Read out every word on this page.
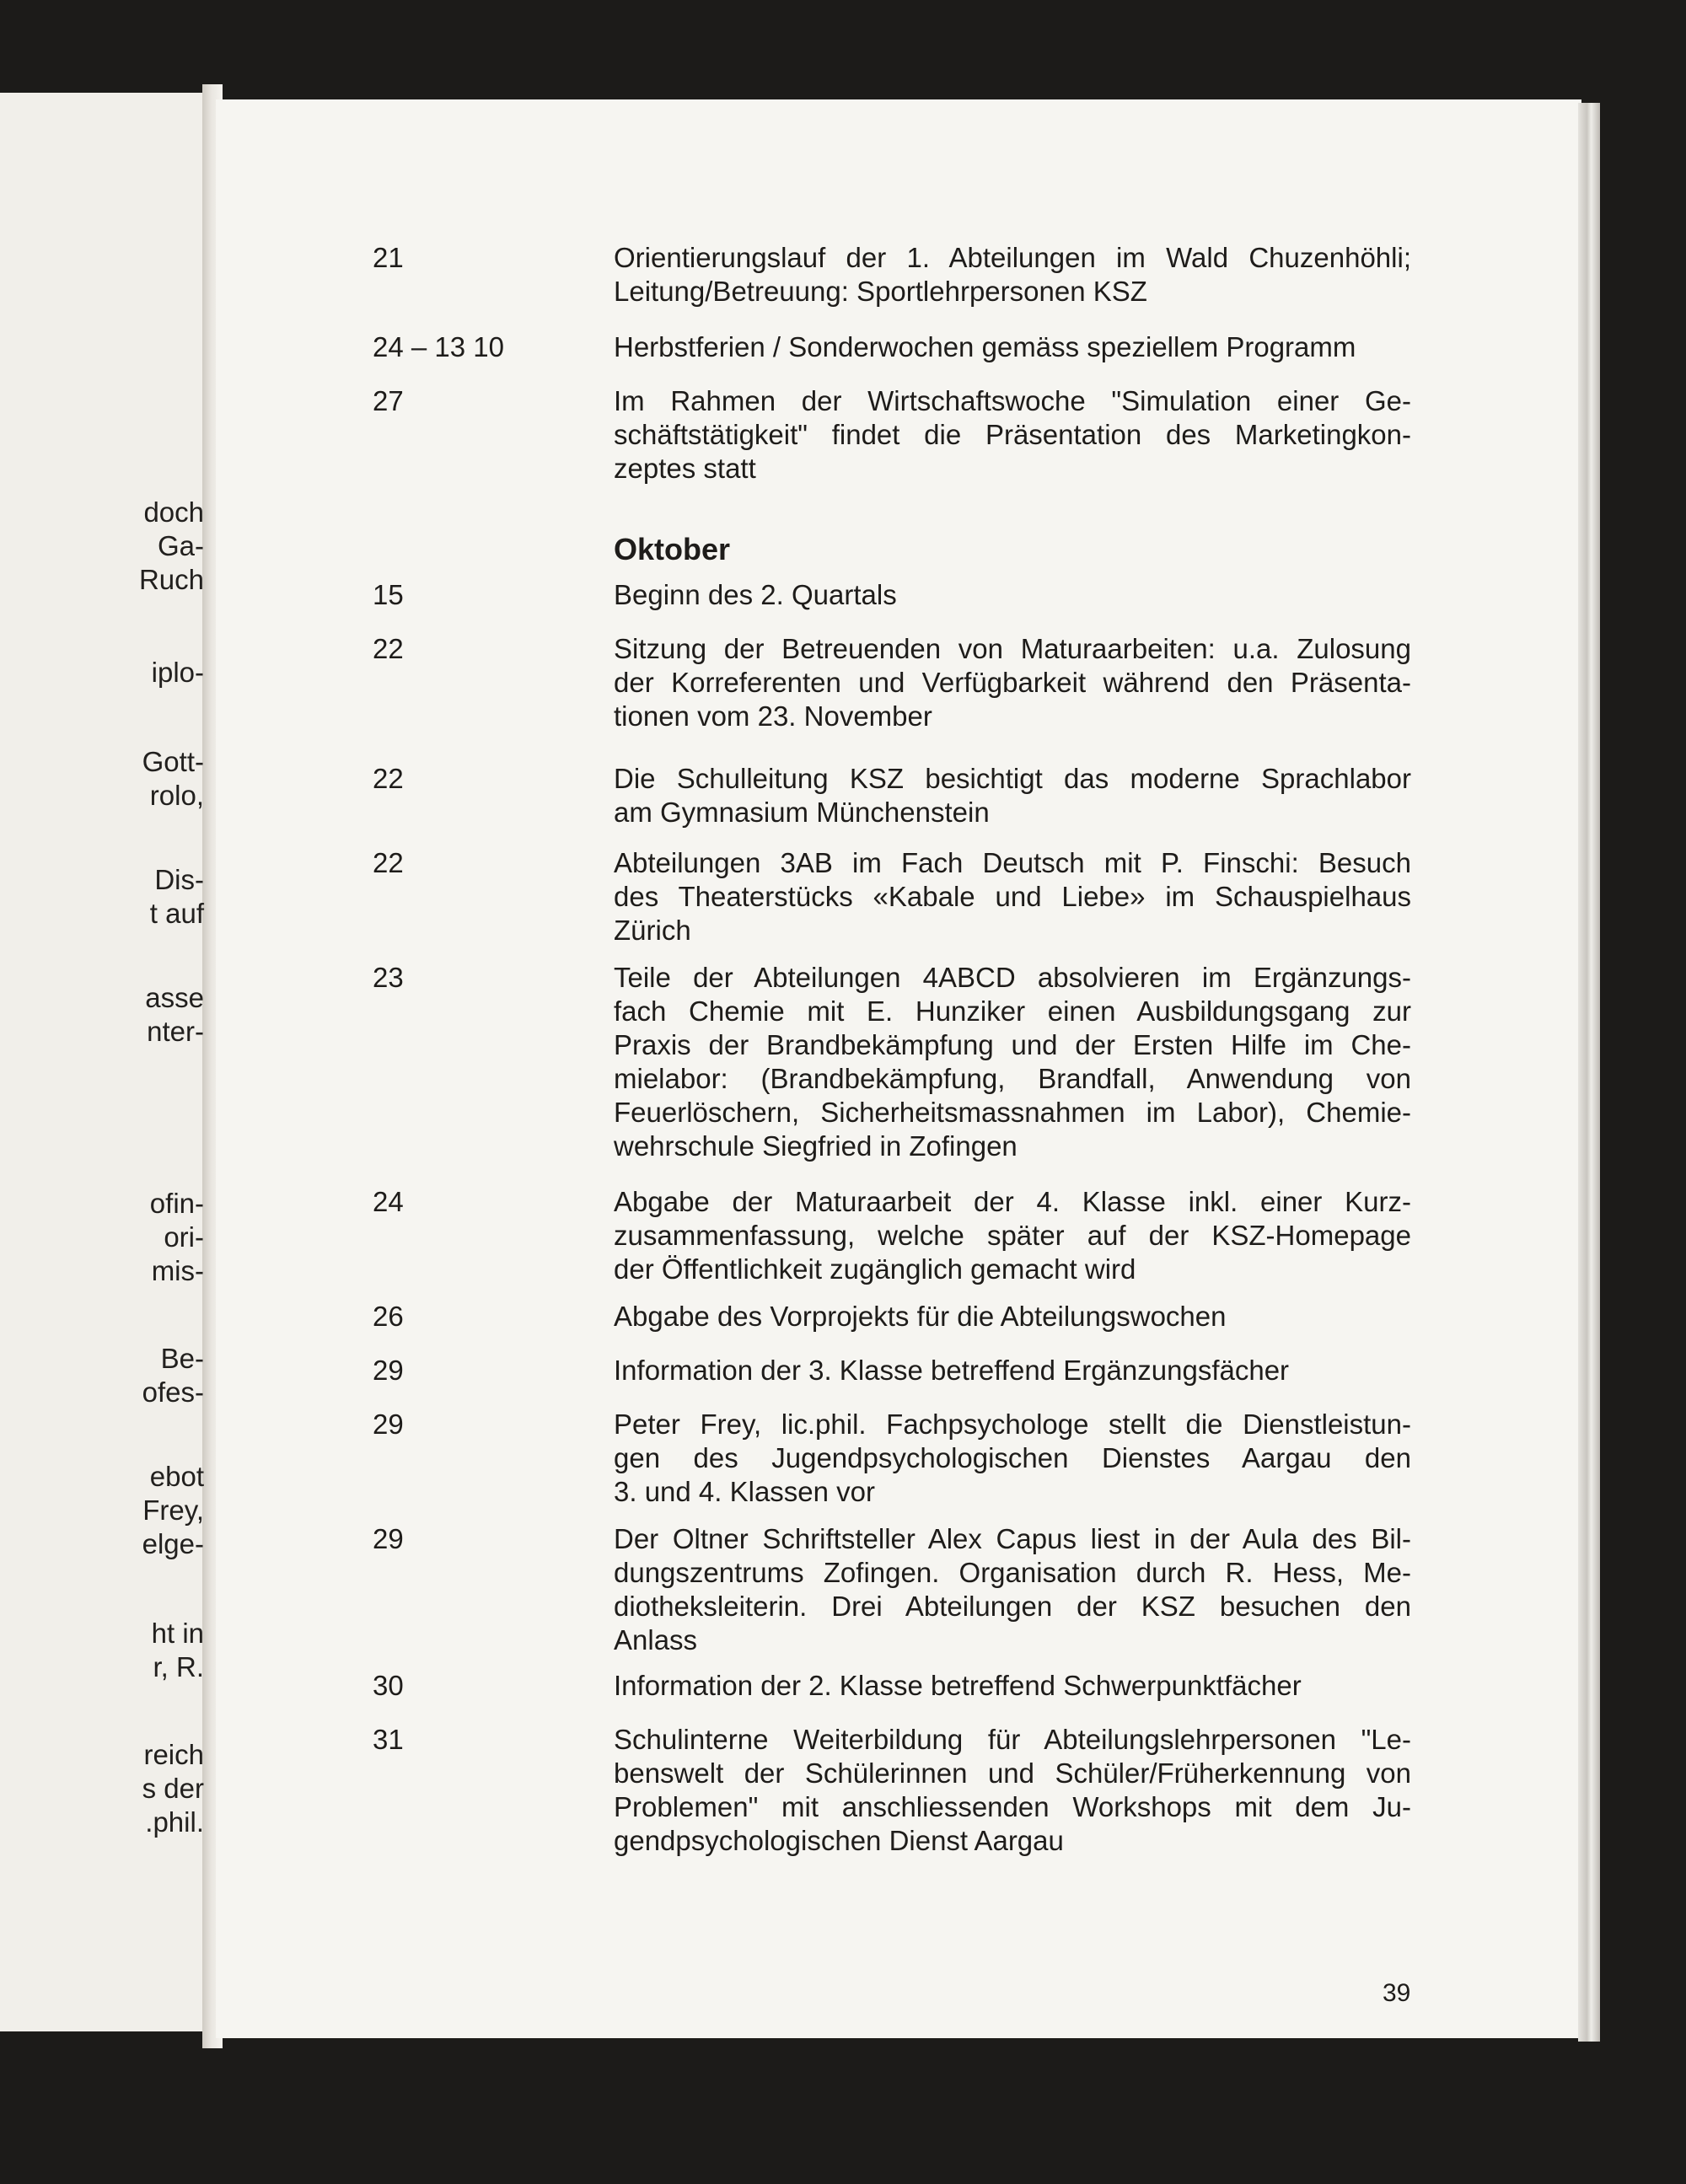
doch
Ga-
Ruch
iplo-
Gott-
rolo,
Dis-
t auf
asse
nter-
ofin-
ori-
mis-
Be-
ofes-
ebot
Frey,
elge-
ht in
r, R.
reich
s der
.phil.
Oktober
21	Orientierungslauf der 1. Abteilungen im Wald Chuzenhöhli;
Leitung/Betreuung: Sportlehrpersonen KSZ
24 – 13 10	Herbstferien / Sonderwochen gemäss speziellem Programm
27	Im Rahmen der Wirtschaftswoche "Simulation einer Ge-
schäftstätigkeit" findet die Präsentation des Marketingkon-
zeptes statt
15	Beginn des 2. Quartals
22	Sitzung der Betreuenden von Maturaarbeiten: u.a. Zulosung
der Korreferenten und Verfügbarkeit während den Präsenta-
tionen vom 23. November
22	Die Schulleitung KSZ besichtigt das moderne Sprachlabor
am Gymnasium Münchenstein
22	Abteilungen 3AB im Fach Deutsch mit P. Finschi: Besuch
des Theaterstücks «Kabale und Liebe» im Schauspielhaus
Zürich
23	Teile der Abteilungen 4ABCD absolvieren im Ergänzungs-
fach Chemie mit E. Hunziker einen Ausbildungsgang zur
Praxis der Brandbekämpfung und der Ersten Hilfe im Che-
mielabor: (Brandbekämpfung, Brandfall, Anwendung von
Feuerlöschern, Sicherheitsmassnahmen im Labor), Chemie-
wehrschule Siegfried in Zofingen
24	Abgabe der Maturaarbeit der 4. Klasse inkl. einer Kurz-
zusammenfassung, welche später auf der KSZ-Homepage
der Öffentlichkeit zugänglich gemacht wird
26	Abgabe des Vorprojekts für die Abteilungswochen
29	Information der 3. Klasse betreffend Ergänzungsfächer
29	Peter Frey, lic.phil. Fachpsychologe stellt die Dienstleistun-
gen des Jugendpsychologischen Dienstes Aargau den
3. und 4. Klassen vor
29	Der Oltner Schriftsteller Alex Capus liest in der Aula des Bil-
dungszentrums Zofingen. Organisation durch R. Hess, Me-
diotheksleiterin. Drei Abteilungen der KSZ besuchen den
Anlass
30	Information der 2. Klasse betreffend Schwerpunktfächer
31	Schulinterne Weiterbildung für Abteilungslehrpersonen "Le-
benswelt der Schülerinnen und Schüler/Früherkennung von
Problemen" mit anschliessenden Workshops mit dem Ju-
gendpsychologischen Dienst Aargau
39
